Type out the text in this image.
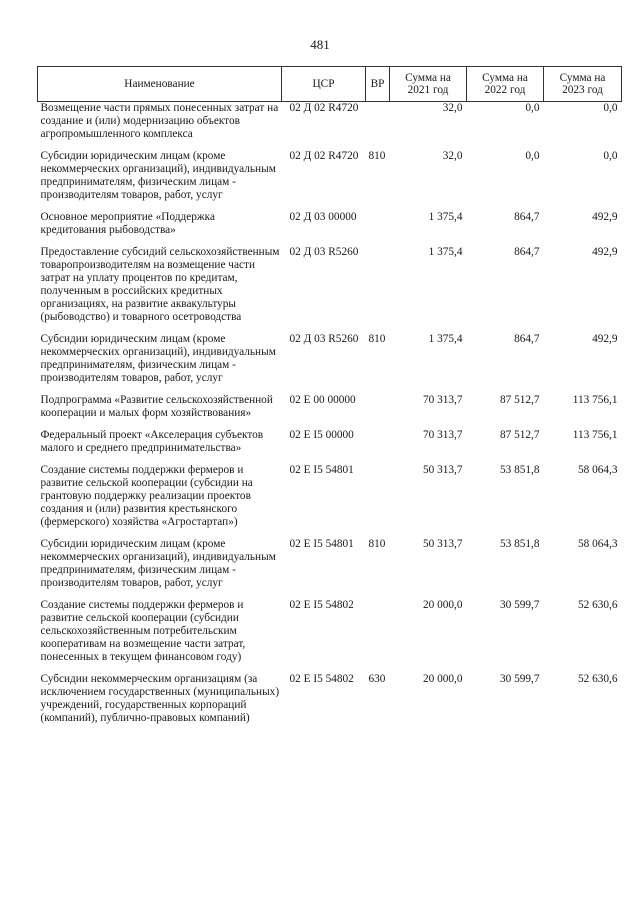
481
Наименование	ЦСР	ВР	Сумма на 2021 год	Сумма на 2022 год	Сумма на 2023 год
Возмещение части прямых понесенных затрат на создание и (или) модернизацию объектов агропромышленного комплекса	02 Д 02 R4720		32,0	0,0	0,0

Субсидии юридическим лицам (кроме некоммерческих организаций), индивидуальным предпринимателям, физическим лицам - производителям товаров, работ, услуг	02 Д 02 R4720	810	32,0	0,0	0,0

Основное мероприятие «Поддержка кредитования рыбоводства»	02 Д 03 00000		1 375,4	864,7	492,9

Предоставление субсидий сельскохозяйственным товаропроизводителям на возмещение части затрат на уплату процентов по кредитам, полученным в российских кредитных организациях, на развитие аквакультуры (рыбоводство) и товарного осетроводства	02 Д 03 R5260		1 375,4	864,7	492,9

Субсидии юридическим лицам (кроме некоммерческих организаций), индивидуальным предпринимателям, физическим лицам - производителям товаров, работ, услуг	02 Д 03 R5260	810	1 375,4	864,7	492,9

Подпрограмма «Развитие сельскохозяйственной кооперации и малых форм хозяйствования»	02 Е 00 00000		70 313,7	87 512,7	113 756,1

Федеральный проект «Акселерация субъектов малого и среднего предпринимательства»	02 Е I5 00000		70 313,7	87 512,7	113 756,1

Создание системы поддержки фермеров и развитие сельской кооперации (субсидии на грантовую поддержку реализации проектов создания и (или) развития крестьянского (фермерского) хозяйства «Агростартап»)	02 Е I5 54801		50 313,7	53 851,8	58 064,3

Субсидии юридическим лицам (кроме некоммерческих организаций), индивидуальным предпринимателям, физическим лицам - производителям товаров, работ, услуг	02 Е I5 54801	810	50 313,7	53 851,8	58 064,3

Создание системы поддержки фермеров и развитие сельской кооперации (субсидии сельскохозяйственным потребительским кооперативам на возмещение части затрат, понесенных в текущем финансовом году)	02 Е I5 54802		20 000,0	30 599,7	52 630,6

Субсидии некоммерческим организациям (за исключением государственных (муниципальных) учреждений, государственных корпораций (компаний), публично-правовых компаний)	02 Е I5 54802	630	20 000,0	30 599,7	52 630,6
